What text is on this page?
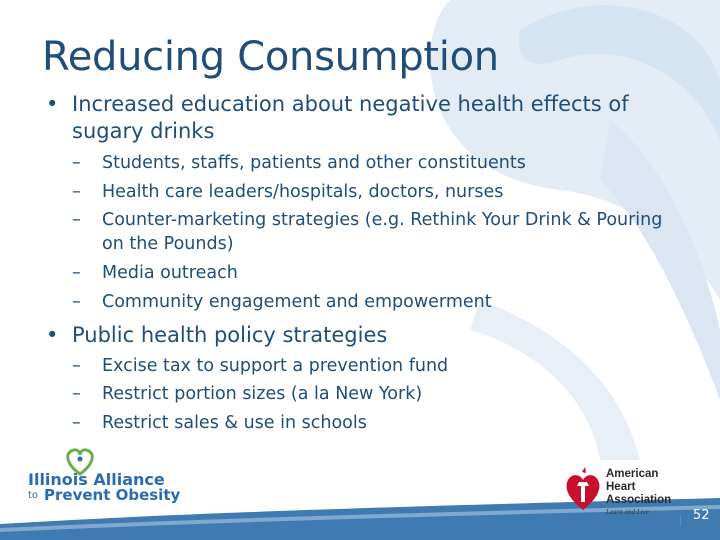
Reducing Consumption
• Increased education about negative health effects of sugary drinks
– Students, staffs, patients and other constituents
– Health care leaders/hospitals, doctors, nurses
– Counter-marketing strategies (e.g. Rethink Your Drink & Pouring on the Pounds)
– Media outreach
– Community engagement and empowerment
• Public health policy strategies
– Excise tax to support a prevention fund
– Restrict portion sizes (a la New York)
– Restrict sales & use in schools
Illinois Alliance
to Prevent Obesity
American
Heart
Association
Learn and Live	52
